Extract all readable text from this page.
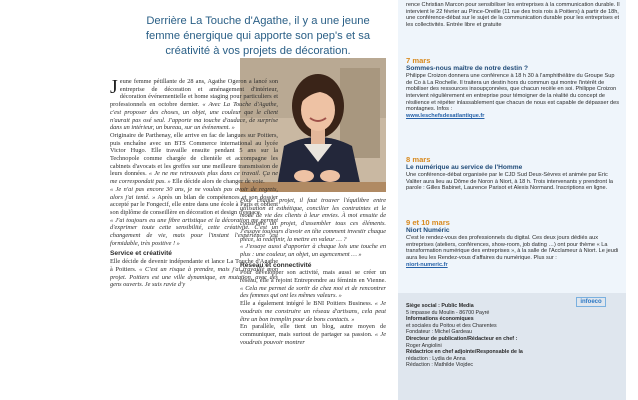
Derrière La Touche d'Agathe, il y a une jeune
femme énergique qui apporte son pep's et sa
créativité à vos projets de décoration.

Jeune femme pétillante de 28 ans, Agathe Ogeron a lancé son entreprise de décoration et aménagement d'intérieur, décoration événementielle et home staging pour particuliers et professionnels en octobre dernier. « Avec La Touche d'Agathe, c'est proposer des choses, un objet, une couleur que le client n'aurait pas osé seul. J'apporte ma touche d'audace, de surprise dans un intérieur, un bureau, sur un événement. »

Originaire de Parthenay, elle arrive en fac de langues sur Poitiers, puis enchaîne avec un BTS Commerce international au lycée Victor Hugo. Elle travaille ensuite pendant 5 ans sur la Technopole comme chargée de clientèle et accompagne les cabinets d'avocats et les greffes sur une meilleure transmission de leurs données. « Je ne me retrouvais plus dans ce travail. Ça ne me correspondait pas. » Elle décide alors de changer de voie.

« Je n'ai pas encore 30 ans, je ne voulais pas avoir de regrets, alors j'ai tenté. » Après un bilan de compétences et son dossier accepté par le Fongecif, elle entre dans une école à Paris et obtient son diplôme de conseillère en décoration et design d'espace.

« J'ai toujours eu une fibre artistique et la décoration me permet d'exprimer toute cette sensibilité, cette créativité. C'est un changement de vie, mais pour l'instant l'expérience est formidable, très positive ! »

Service et créativité

Elle décide de devenir indépendante et lance La Touche d'Agathe à Poitiers. « C'est un risque à prendre, mais j'ai travaillé mon projet. Poitiers est une ville dynamique, en mutation, avec des gens ouverts. Je suis ravie d'y

Pour chaque projet, il faut trouver l'équilibre entre utilisation et esthétique, concilier les contraintes et le mode de vie des clients à leur envies. À moi ensuite de construire un projet, d'assembler tous ces éléments. J'essaye toujours d'avoir en tête comment investir chaque pièce, la redéfinir, la mettre en valeur … ?

« J'essaye aussi d'apporter à chaque lois une touche en plus : une couleur, un objet, un agencement … »

Réseau et connectivité

Pour développer son activité, mais aussi se créer un réseau, elle a rejoint Entreprendre au féminin en Vienne. « Cela me permet de sortir de chez moi et de rencontrer des femmes qui ont les mêmes valeurs. »

Elle a également intégré le BNI Poitiers Business. « Je voudrais me construire un réseau d'artisans, cela peut être un bon tremplin pour de bons contacts. »

En parallèle, elle tient un blog, autre moyen de communiquer, mais surtout de partager sa passion. « Je voudrais pouvoir montrer

rence Christian Marcon pour sensibiliser les entreprises à la communication durable. Il intervient le 22 février au Pince-Oreille (11 rue des trois rois à Poitiers) à partir de 18h, une conférence-débat sur le sujet de la communication durable pour les entreprises et les collectivités. Entrée libre et gratuite

7 mars

Sommes-nous maître de notre destin ?

Philippe Croizon donnera une conférence à 18 h 30 à l'amphithéâtre du Groupe Sup de Co à La Rochelle. Il traitera un destin hors du commun qui montre l'intérêt de mobiliser des ressources insoupçonnées, que chacun recèle en soi. Philippe Croizon intervient régulièrement en entreprise pour témoigner de la réalité du concept de résilience et répéter inlassablement que chacun de nous est capable de dépasser des montagnes. Infos :

www.leschefsdesatlantique.fr

8 mars

Le numérique au service de l'Homme

Une conférence-débat organisée par le CJD Sud Deux-Sèvres et animée par Eric Valiter aura lieu au Dôme de Noron à Niort, à 18 h. Trois intervenants y prendront la parole : Gilles Babinet, Laurence Parisot et Alexis Normand. Inscriptions en ligne.

9 et 10 mars

Niort Numéric

C'est le rendez-vous des professionnels du digital. Ces deux jours dédiés aux entreprises (ateliers, conférences, show-room, job dating …) ont pour thème « La transformation numérique des entreprises », à la salle de l'Acclameur à Niort. Le jeudi aura lieu les Rendez-vous d'affaires du numérique. Plus sur :

niort-numeric.fr

infoeco

Siège social : Public Media

5 impasse du Moulin - 86700 Payré

Informations économiques

et sociales du Poitou et des Charentes

Fondateur : Michel Gardeau

Directeur de publication/Rédacteur en chef :

Roger Angiolini

Rédactrice en chef adjointe/Responsable de la

rédaction : Lydia de Anna

Rédaction : Mathilde Viojdec
